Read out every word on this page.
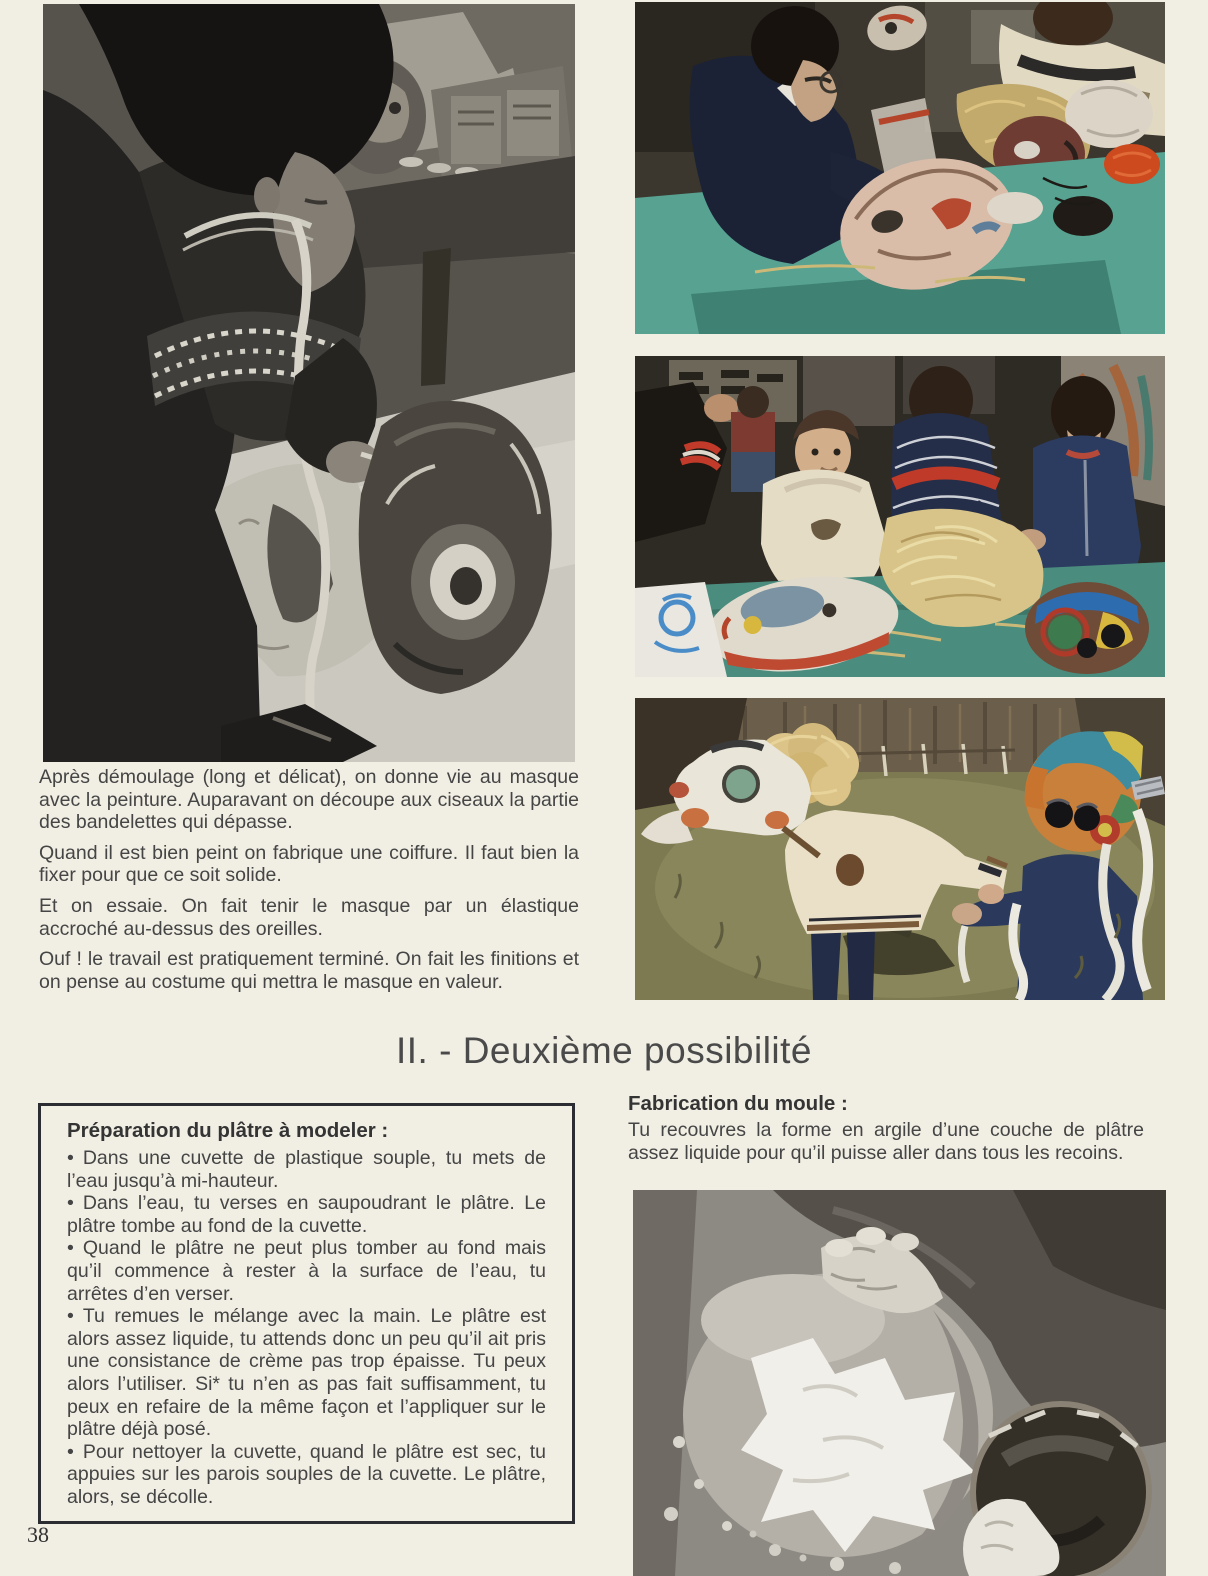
Après démoulage (long et délicat), on donne vie au masque avec la peinture. Auparavant on découpe aux ciseaux la partie des bandelettes qui dépasse.

Quand il est bien peint on fabrique une coiffure. Il faut bien la fixer pour que ce soit solide.

Et on essaie. On fait tenir le masque par un élastique accroché au-dessus des oreilles.

Ouf ! le travail est pratiquement terminé. On fait les finitions et on pense au costume qui mettra le masque en valeur.

II. - Deuxième possibilité
Préparation du plâtre à modeler :

• Dans une cuvette de plastique souple, tu mets de l’eau jusqu’à mi-hauteur.

• Dans l’eau, tu verses en saupoudrant le plâtre. Le plâtre tombe au fond de la cuvette.

• Quand le plâtre ne peut plus tomber au fond mais qu’il commence à rester à la surface de l’eau, tu arrêtes d’en verser.

• Tu remues le mélange avec la main. Le plâtre est alors assez liquide, tu attends donc un peu qu’il ait pris une consistance de crème pas trop épaisse. Tu peux alors l’utiliser. Si* tu n’en as pas fait suffisamment, tu peux en refaire de la même façon et l’appliquer sur le plâtre déjà posé.

• Pour nettoyer la cuvette, quand le plâtre est sec, tu appuies sur les parois souples de la cuvette. Le plâtre, alors, se décolle.

Fabrication du moule :

Tu recouvres la forme en argile d’une couche de plâtre assez liquide pour qu’il puisse aller dans tous les recoins.

38
